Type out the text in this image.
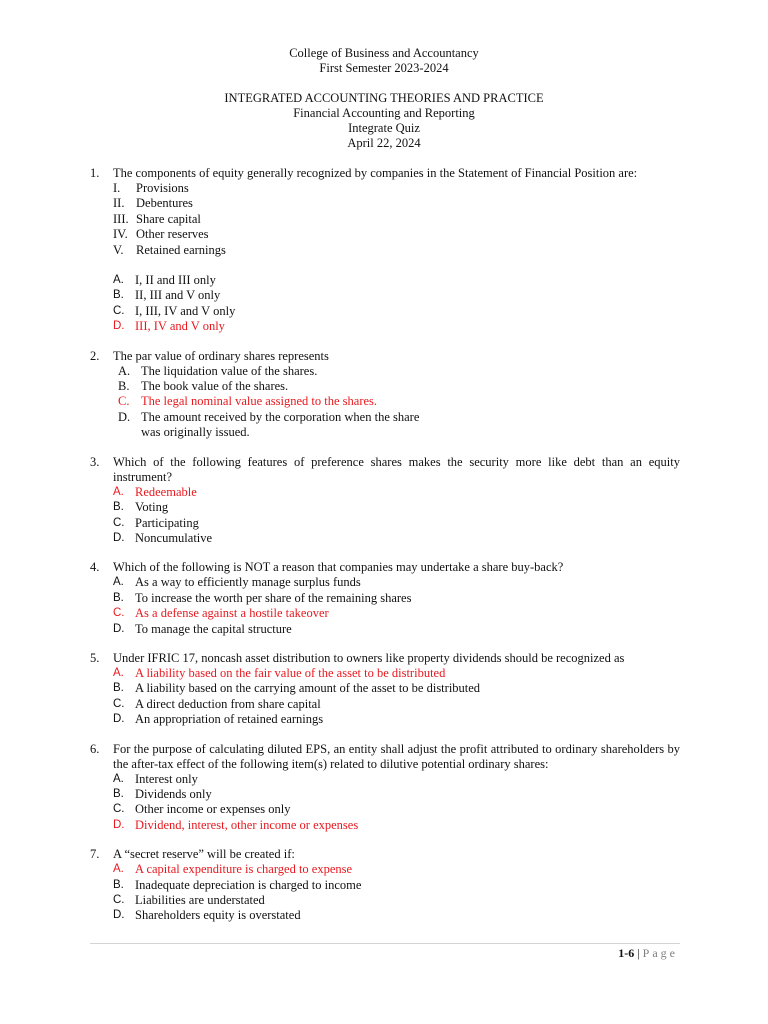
College of Business and Accountancy
First Semester 2023-2024
INTEGRATED ACCOUNTING THEORIES AND PRACTICE
Financial Accounting and Reporting
Integrate Quiz
April 22, 2024
1.	The components of equity generally recognized by companies in the Statement of Financial Position are:
I.	Provisions
II. Debentures
III. Share capital
IV. Other reserves
V. Retained earnings
A. I, II and III only
B. II, III and V only
C. I, III, IV and V only
D. III, IV and V only
2.	The par value of ordinary shares represents
A. The liquidation value of the shares.
B. The book value of the shares.
C. The legal nominal value assigned to the shares.
D. The amount received by the corporation when the share
was originally issued.
3.	Which of the following features of preference shares makes the security more like debt than an equity
instrument?
A. Redeemable
B. Voting
C. Participating
D. Noncumulative
4.	Which of the following is NOT a reason that companies may undertake a share buy-back?
A. As a way to efficiently manage surplus funds
B. To increase the worth per share of the remaining shares
C. As a defense against a hostile takeover
D. To manage the capital structure
5.	Under IFRIC 17, noncash asset distribution to owners like property dividends should be recognized as
A. A liability based on the fair value of the asset to be distributed
B. A liability based on the carrying amount of the asset to be distributed
C. A direct deduction from share capital
D. An appropriation of retained earnings
6.	For the purpose of calculating diluted EPS, an entity shall adjust the profit attributed to ordinary shareholders by
the after-tax effect of the following item(s) related to dilutive potential ordinary shares:
A. Interest only
B. Dividends only
C. Other income or expenses only
D. Dividend, interest, other income or expenses
7.	A “secret reserve” will be created if:
A. A capital expenditure is charged to expense
B. Inadequate depreciation is charged to income
C. Liabilities are understated
D. Shareholders equity is overstated
1-6 | Page
